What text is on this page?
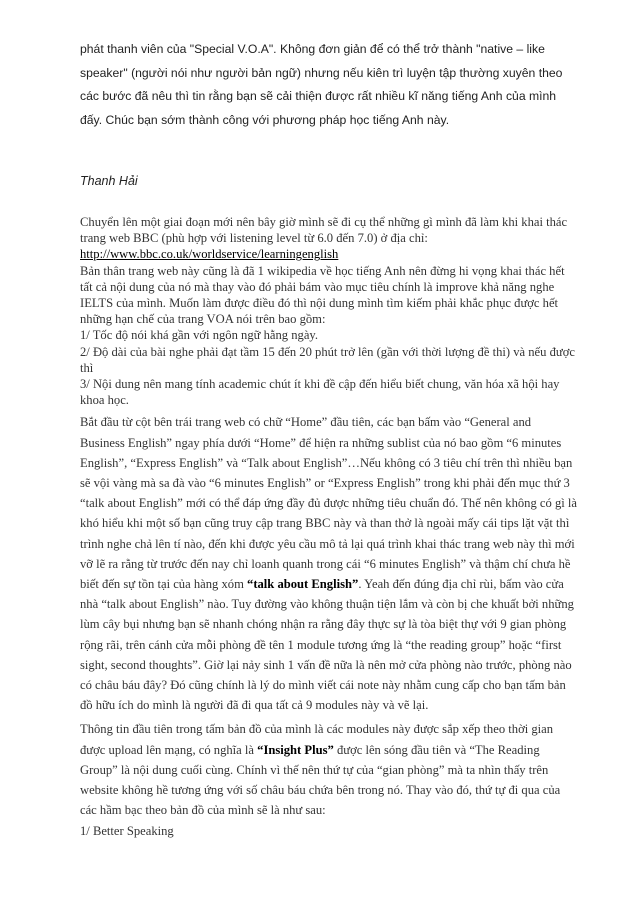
phát thanh viên của "Special V.O.A". Không đơn giản để có thể trở thành "native – like speaker" (người nói như người bản ngữ) nhưng nếu kiên trì luyện tập thường xuyên theo các bước đã nêu thì tin rằng bạn sẽ cải thiện được rất nhiều kĩ năng tiếng Anh của mình đấy. Chúc bạn sớm thành công với phương pháp học tiếng Anh này.

Thanh Hải

Chuyển lên một giai đoạn mới nên bây giờ mình sẽ đi cụ thể những gì mình đã làm khi khai thác trang web BBC (phù hợp với listening level từ 6.0 đến 7.0) ở địa chỉ: http://www.bbc.co.uk/worldservice/learningenglish
Bản thân trang web này cũng là đã 1 wikipedia về học tiếng Anh nên đừng hi vọng khai thác hết tất cả nội dung của nó mà thay vào đó phải bám vào mục tiêu chính là improve khả năng nghe IELTS của mình. Muốn làm được điều đó thì nội dung mình tìm kiếm phải khắc phục được hết những hạn chế của trang VOA nói trên bao gồm:
1/ Tốc độ nói khá gần với ngôn ngữ hằng ngày.
2/ Độ dài của bài nghe phải đạt tầm 15 đến 20 phút trở lên (gần với thời lượng đề thi) và nếu được thì
3/ Nội dung nên mang tính academic chút ít khi đề cập đến hiểu biết chung, văn hóa xã hội hay khoa học.
Bắt đầu từ cột bên trái trang web có chữ “Home” đầu tiên, các bạn bấm vào “General and Business English” ngay phía dưới “Home” để hiện ra những sublist của nó bao gồm “6 minutes English”, “Express English” và “Talk about English”…Nếu không có 3 tiêu chí trên thì nhiều bạn sẽ vội vàng mà sa đà vào “6 minutes English” or “Express English” trong khi phải đến mục thứ 3 “talk about English” mới có thể đáp ứng đầy đủ được những tiêu chuẩn đó. Thế nên không có gì là khó hiểu khi một số bạn cũng truy cập trang BBC này và than thở là ngoài mấy cái tips lặt vặt thì trình nghe chả lên tí nào, đến khi được yêu cầu mô tả lại quá trình khai thác trang web này thì mới vỡ lẽ ra rằng từ trước đến nay chỉ loanh quanh trong cái “6 minutes English” và thậm chí chưa hề biết đến sự tồn tại của hàng xóm “talk about English”. Yeah đến đúng địa chỉ rùi, bấm vào cửa nhà “talk about English” nào. Tuy đường vào không thuận tiện lắm và còn bị che khuất bởi những lùm cây bụi nhưng bạn sẽ nhanh chóng nhận ra rằng đây thực sự là tòa biệt thự với 9 gian phòng rộng rãi, trên cánh cửa mỗi phòng đề tên 1 module tương ứng là “the reading group” hoặc “first sight, second thoughts”. Giờ lại nảy sinh 1 vấn đề nữa là nên mở cửa phòng nào trước, phòng nào có châu báu đây? Đó cũng chính là lý do mình viết cái note này nhằm cung cấp cho bạn tấm bản đồ hữu ích do mình là người đã đi qua tất cả 9 modules này và vẽ lại.
Thông tin đầu tiên trong tấm bản đồ của mình là các modules này được sắp xếp theo thời gian được upload lên mạng, có nghĩa là “Insight Plus” được lên sóng đầu tiên và “The Reading Group” là nội dung cuối cùng. Chính vì thế nên thứ tự của “gian phòng” mà ta nhìn thấy trên website không hề tương ứng với số châu báu chứa bên trong nó. Thay vào đó, thứ tự đi qua của các hầm bạc theo bản đồ của mình sẽ là như sau:
1/ Better Speaking
